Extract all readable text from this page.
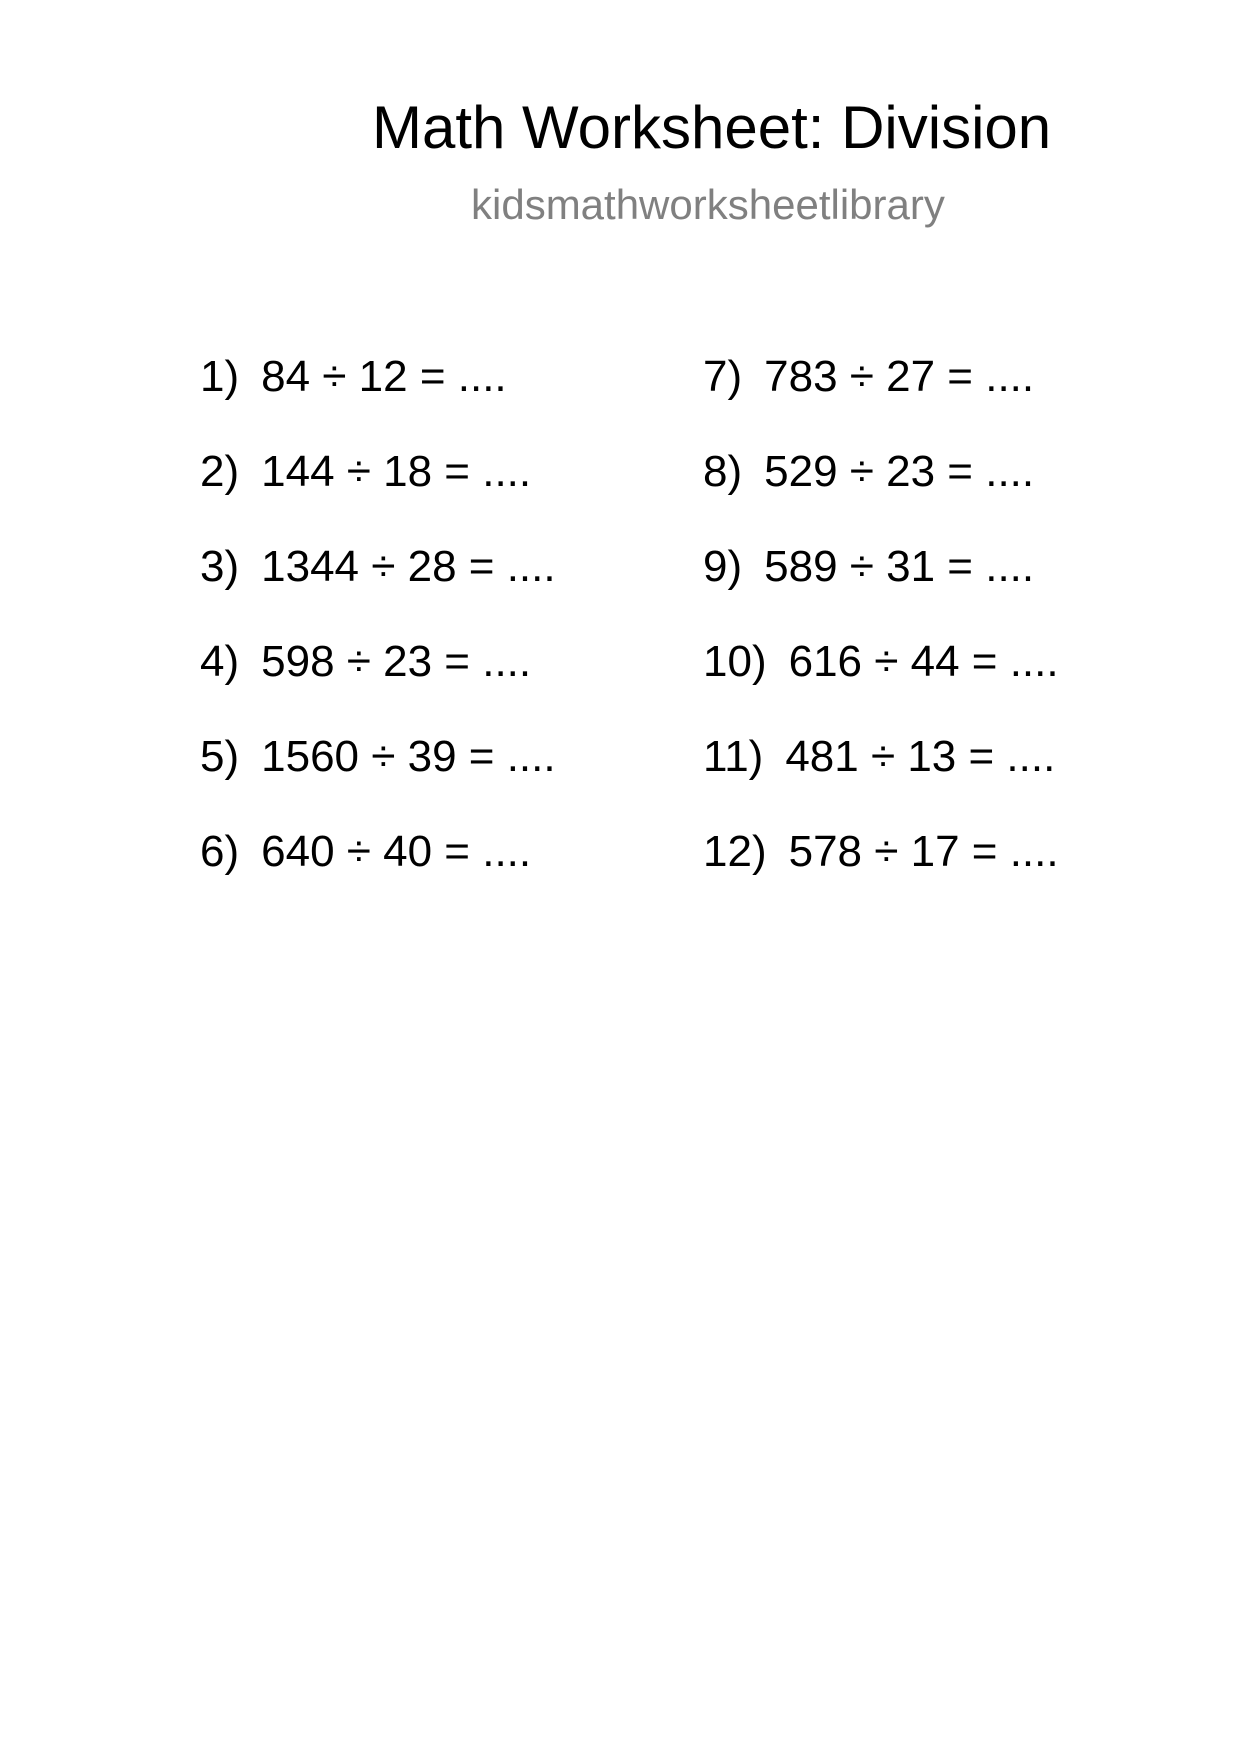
Math Worksheet: Division
kidsmathworksheetlibrary
1) 84 ÷ 12 = ....
2) 144 ÷ 18 = ....
3) 1344 ÷ 28 = ....
4) 598 ÷ 23 = ....
5) 1560 ÷ 39 = ....
6) 640 ÷ 40 = ....
7) 783 ÷ 27 = ....
8) 529 ÷ 23 = ....
9) 589 ÷ 31 = ....
10) 616 ÷ 44 = ....
11) 481 ÷ 13 = ....
12) 578 ÷ 17 = ....
